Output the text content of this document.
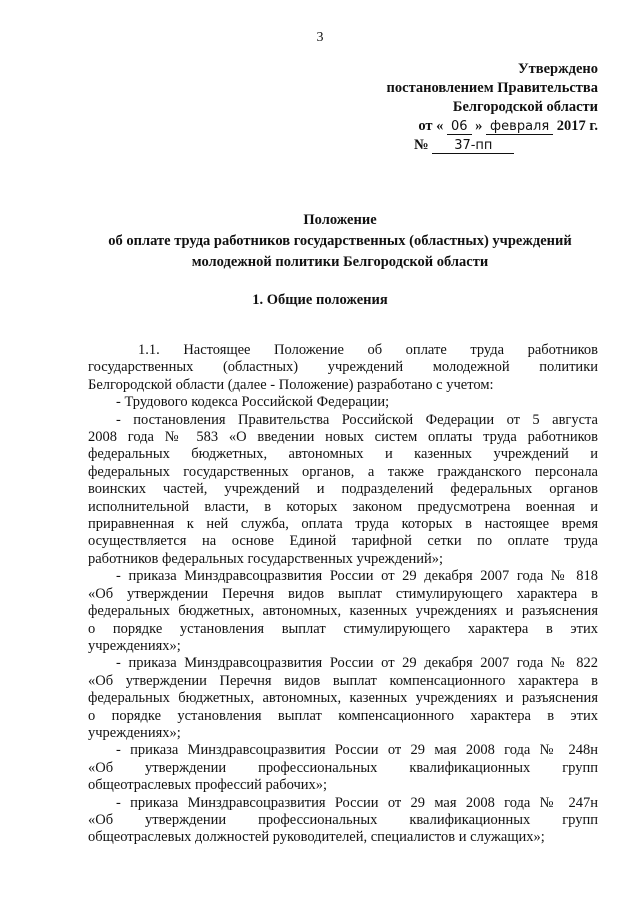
3
Утверждено
постановлением Правительства
Белгородской области
от « 06 » февраля 2017 г.
№ 37-пп
Положение
об оплате труда работников государственных (областных) учреждений
молодежной политики Белгородской области
1. Общие положения

1.1. Настоящее Положение об оплате труда работников

государственных (областных) учреждений молодежной политики

Белгородской области (далее - Положение) разработано с учетом:

- Трудового кодекса Российской Федерации;

- постановления Правительства Российской Федерации от 5 августа

2008 года № 583 «О введении новых систем оплаты труда работников

федеральных бюджетных, автономных и казенных учреждений и

федеральных государственных органов, а также гражданского персонала

воинских частей, учреждений и подразделений федеральных органов

исполнительной власти, в которых законом предусмотрена военная и

приравненная к ней служба, оплата труда которых в настоящее время

осуществляется на основе Единой тарифной сетки по оплате труда

работников федеральных государственных учреждений»;

- приказа Минздравсоцразвития России от 29 декабря 2007 года № 818

«Об утверждении Перечня видов выплат стимулирующего характера в

федеральных бюджетных, автономных, казенных учреждениях и разъяснения

о порядке установления выплат стимулирующего характера в этих

учреждениях»;

- приказа Минздравсоцразвития России от 29 декабря 2007 года № 822

«Об утверждении Перечня видов выплат компенсационного характера в

федеральных бюджетных, автономных, казенных учреждениях и разъяснения

о порядке установления выплат компенсационного характера в этих

учреждениях»;

- приказа Минздравсоцразвития России от 29 мая 2008 года № 248н

«Об утверждении профессиональных квалификационных групп

общеотраслевых профессий рабочих»;

- приказа Минздравсоцразвития России от 29 мая 2008 года № 247н

«Об утверждении профессиональных квалификационных групп

общеотраслевых должностей руководителей, специалистов и служащих»;
